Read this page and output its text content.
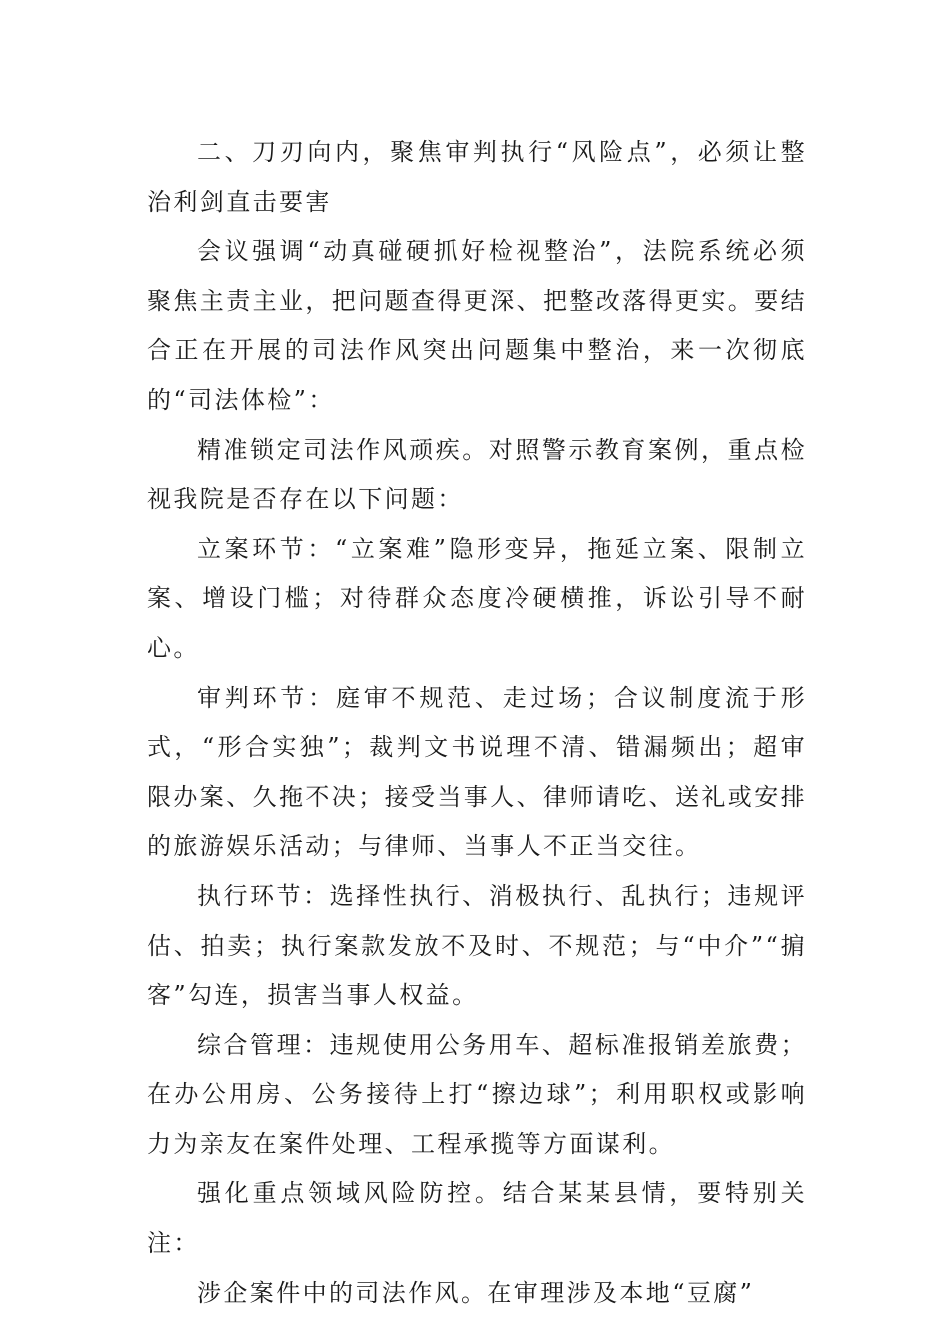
二、刀刃向内，聚焦审判执行“风险点”，必须让整治利剑直击要害

会议强调“动真碰硬抓好检视整治”，法院系统必须聚焦主责主业，把问题查得更深、把整改落得更实。要结合正在开展的司法作风突出问题集中整治，来一次彻底的“司法体检”：

精准锁定司法作风顽疾。对照警示教育案例，重点检视我院是否存在以下问题：

立案环节：“立案难”隐形变异，拖延立案、限制立案、增设门槛；对待群众态度冷硬横推，诉讼引导不耐心。

审判环节：庭审不规范、走过场；合议制度流于形式，“形合实独”；裁判文书说理不清、错漏频出；超审限办案、久拖不决；接受当事人、律师请吃、送礼或安排的旅游娱乐活动；与律师、当事人不正当交往。

执行环节：选择性执行、消极执行、乱执行；违规评估、拍卖；执行案款发放不及时、不规范；与“中介”“掮客”勾连，损害当事人权益。

综合管理：违规使用公务用车、超标准报销差旅费；在办公用房、公务接待上打“擦边球”；利用职权或影响力为亲友在案件处理、工程承揽等方面谋利。

强化重点领域风险防控。结合某某县情，要特别关注：

涉企案件中的司法作风。在审理涉及本地“豆腐”
